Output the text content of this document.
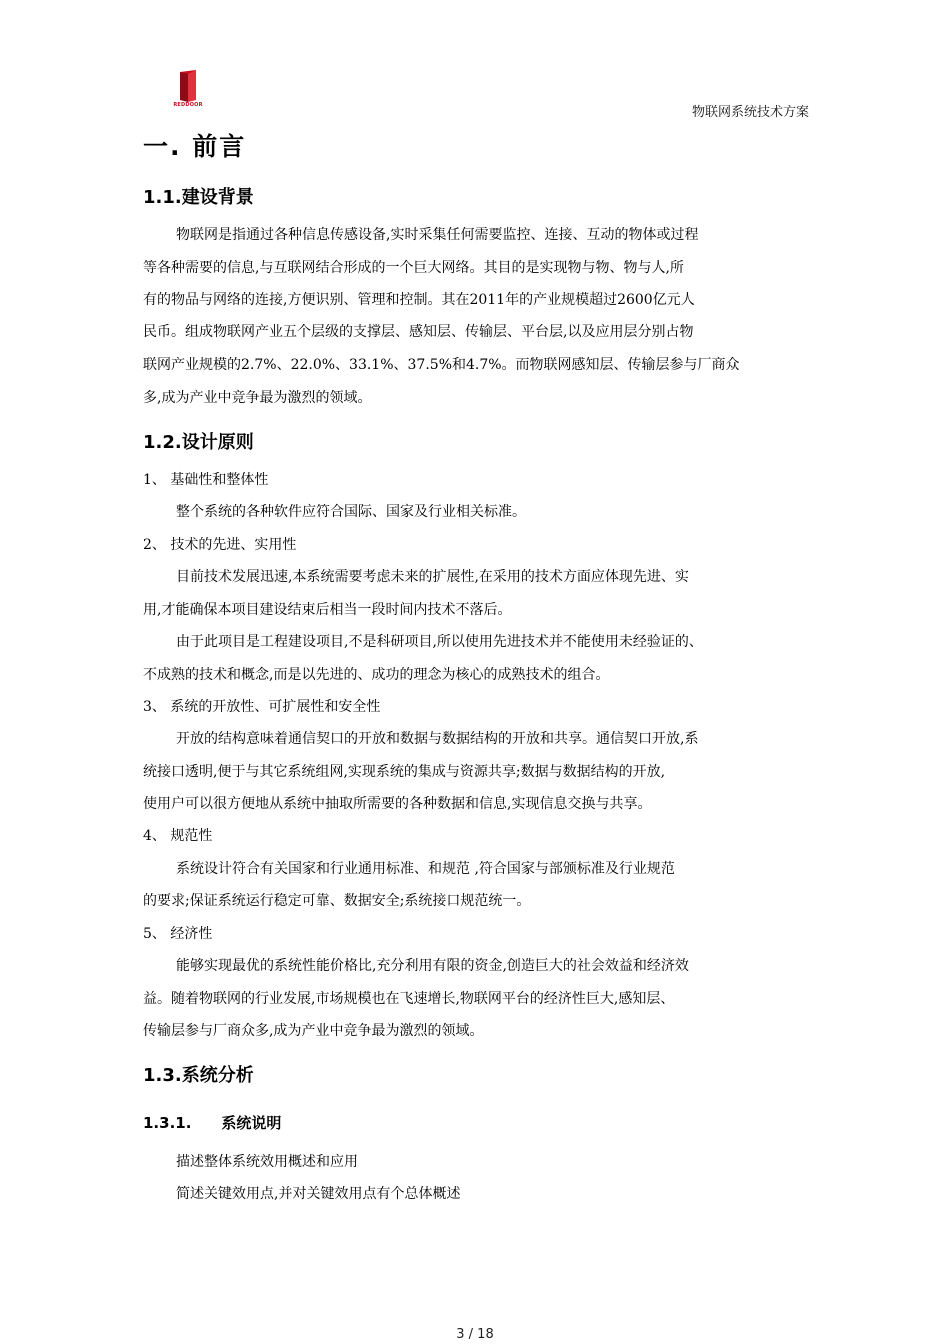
REDDOOR	物联网系统技术方案
一. 前言
1.1.建设背景
物联网是指通过各种信息传感设备,实时采集任何需要监控、连接、互动的物体或过程
等各种需要的信息,与互联网结合形成的一个巨大网络。其目的是实现物与物、物与人,所
有的物品与网络的连接,方便识别、管理和控制。其在2011年的产业规模超过2600亿元人
民币。组成物联网产业五个层级的支撑层、感知层、传输层、平台层,以及应用层分别占物
联网产业规模的2.7%、22.0%、33.1%、37.5%和4.7%。而物联网感知层、传输层参与厂商众
多,成为产业中竞争最为激烈的领域。
1.2.设计原则
1、 基础性和整体性
整个系统的各种软件应符合国际、国家及行业相关标准。
2、 技术的先进、实用性
目前技术发展迅速,本系统需要考虑未来的扩展性,在采用的技术方面应体现先进、实
用,才能确保本项目建设结束后相当一段时间内技术不落后。
由于此项目是工程建设项目,不是科研项目,所以使用先进技术并不能使用未经验证的、
不成熟的技术和概念,而是以先进的、成功的理念为核心的成熟技术的组合。
3、 系统的开放性、可扩展性和安全性
开放的结构意味着通信契口的开放和数据与数据结构的开放和共享。通信契口开放,系
统接口透明,便于与其它系统组网,实现系统的集成与资源共享;数据与数据结构的开放,
使用户可以很方便地从系统中抽取所需要的各种数据和信息,实现信息交换与共享。
4、 规范性
系统设计符合有关国家和行业通用标准、和规范 ,符合国家与部颁标准及行业规范
的要求;保证系统运行稳定可靠、数据安全;系统接口规范统一。
5、 经济性
能够实现最优的系统性能价格比,充分利用有限的资金,创造巨大的社会效益和经济效
益。随着物联网的行业发展,市场规模也在飞速增长,物联网平台的经济性巨大,感知层、
传输层参与厂商众多,成为产业中竞争最为激烈的领域。
1.3.系统分析
1.3.1. 系统说明
描述整体系统效用概述和应用
简述关键效用点,并对关键效用点有个总体概述
3 / 18
